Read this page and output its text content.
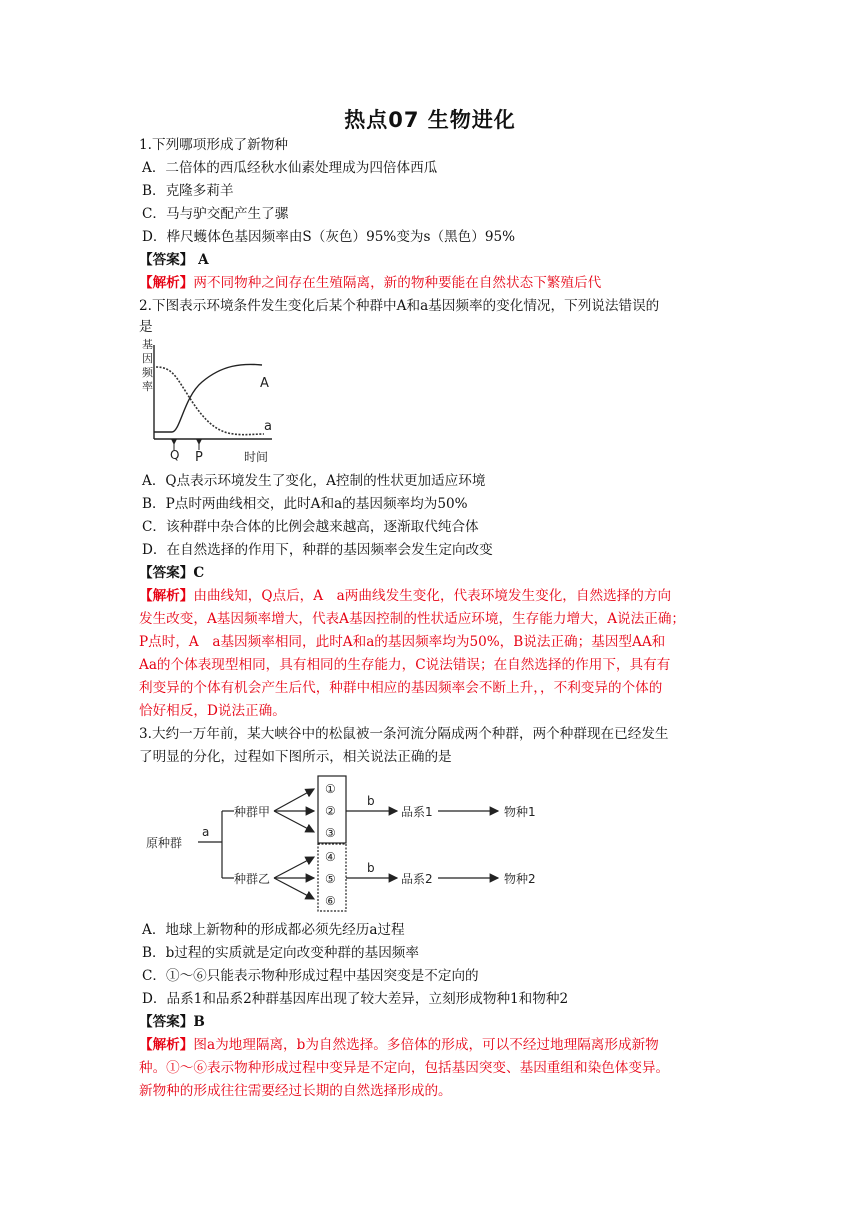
热点07 生物进化
1.下列哪项形成了新物种
A．二倍体的西瓜经秋水仙素处理成为四倍体西瓜
B．克隆多莉羊
C．马与驴交配产生了骡
D．桦尺蠖体色基因频率由S（灰色）95%变为s（黑色）95%
【答案】 A
【解析】两不同物种之间存在生殖隔离，新的物种要能在自然状态下繁殖后代
2.下图表示环境条件发生变化后某个种群中A和a基因频率的变化情况，下列说法错误的
是
基
因
频
率	A
a
Q P	时间
A．Q点表示环境发生了变化，A控制的性状更加适应环境
B．P点时两曲线相交，此时A和a的基因频率均为50%
C．该种群中杂合体的比例会越来越高，逐渐取代纯合体
D．在自然选择的作用下，种群的基因频率会发生定向改变
【答案】C
【解析】由曲线知，Q点后，A　a两曲线发生变化，代表环境发生变化，自然选择的方向
发生改变，A基因频率增大，代表A基因控制的性状适应环境，生存能力增大，A说法正确；
P点时，A　a基因频率相同，此时A和a的基因频率均为50%，B说法正确；基因型AA和
Aa的个体表现型相同，具有相同的生存能力，C说法错误；在自然选择的作用下，具有有
利变异的个体有机会产生后代，种群中相应的基因频率会不断上升，，不利变异的个体的
恰好相反，D说法正确。
3.大约一万年前，某大峡谷中的松鼠被一条河流分隔成两个种群，两个种群现在已经发生
了明显的分化，过程如下图所示，相关说法正确的是
原种群
a
种群甲
种群乙
①
②
③
④
⑤
⑥
b
b
品系1
品系2
物种1
物种2
A．地球上新物种的形成都必须先经历a过程
B．b过程的实质就是定向改变种群的基因频率
C．①～⑥只能表示物种形成过程中基因突变是不定向的
D．品系1和品系2种群基因库出现了较大差异，立刻形成物种1和物种2
【答案】B
【解析】图a为地理隔离，b为自然选择。多倍体的形成，可以不经过地理隔离形成新物
种。①～⑥表示物种形成过程中变异是不定向，包括基因突变、基因重组和染色体变异。
新物种的形成往往需要经过长期的自然选择形成的。
